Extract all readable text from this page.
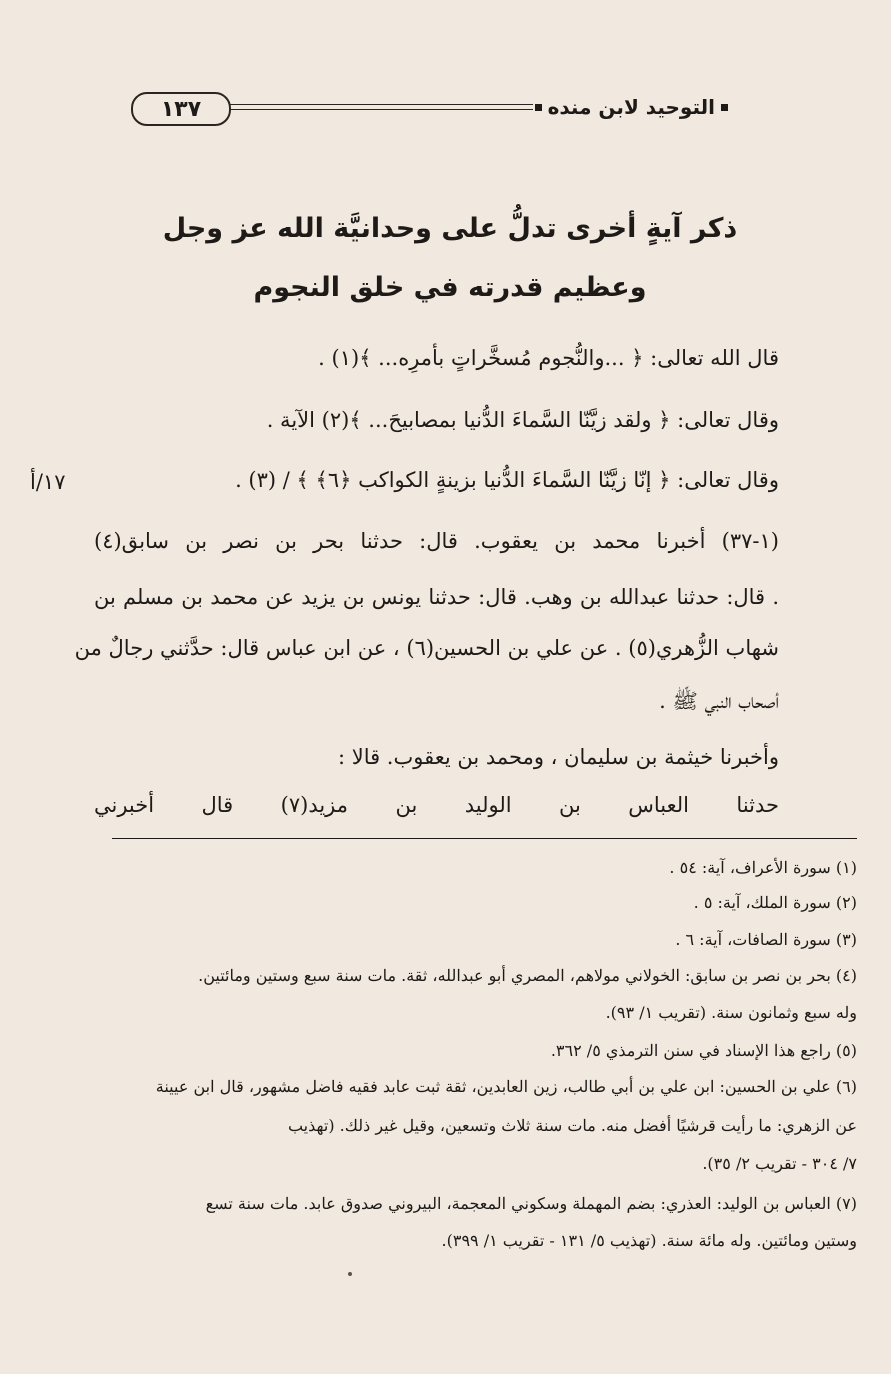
١٣٧	التوحيد لابن منده
ذكر آيةٍ أخرى تدلُّ على وحدانيَّة الله عز وجل
وعظيم قدرته في خلق النجوم
١٧/أ
قال الله تعالى: ﴿ ...والنُّجوم مُسخَّراتٍ بأمرِه... ﴾(١) .
وقال تعالى: ﴿ ولقد زيَّنّا السَّماءَ الدُّنيا بمصابيحَ... ﴾(٢) الآية .
وقال تعالى: ﴿ إنّا زيَّنّا السَّماءَ الدُّنيا بزينةٍ الكواكب ﴿٦﴾ ﴾ / (٣) .
(١-٣٧) أخبرنا محمد بن يعقوب. قال: حدثنا بحر بن نصر بن سابق(٤)
. قال: حدثنا عبدالله بن وهب. قال: حدثنا يونس بن يزيد عن محمد بن مسلم بن
شهاب الزُّهري(٥) . عن علي بن الحسين(٦) ، عن ابن عباس قال: حدَّثني رجالٌ من
أصحاب النبي ﷺ .
وأخبرنا خيثمة بن سليمان ، ومحمد بن يعقوب. قالا :
حدثنا العباس بن الوليد بن مزيد(٧) قال أخبرني
(١) سورة الأعراف، آية: ٥٤ .
(٢) سورة الملك، آية: ٥ .
(٣) سورة الصافات، آية: ٦ .
(٤) بحر بن نصر بن سابق: الخولاني مولاهم، المصري أبو عبدالله، ثقة. مات سنة سبع وستين ومائتين.
وله سبع وثمانون سنة. (تقريب ١/ ٩٣).
(٥) راجع هذا الإسناد في سنن الترمذي ٥/ ٣٦٢.
(٦) علي بن الحسين: ابن علي بن أبي طالب، زين العابدين، ثقة ثبت عابد فقيه فاضل مشهور، قال ابن عيينة
عن الزهري: ما رأيت قرشيًا أفضل منه. مات سنة ثلاث وتسعين، وقيل غير ذلك. (تهذيب
٧/ ٣٠٤ - تقريب ٢/ ٣٥).
(٧) العباس بن الوليد: العذري: بضم المهملة وسكوني المعجمة، البيروني صدوق عابد. مات سنة تسع
وستين ومائتين. وله مائة سنة. (تهذيب ٥/ ١٣١ - تقريب ١/ ٣٩٩).
